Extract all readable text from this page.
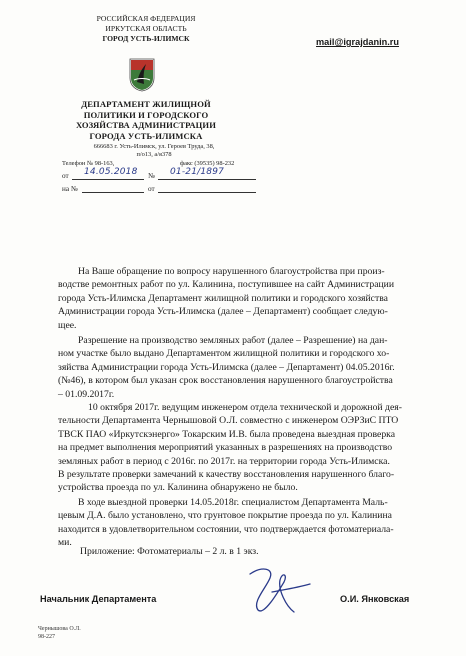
РОССИЙСКАЯ ФЕДЕРАЦИЯ
ИРКУТСКАЯ ОБЛАСТЬ
ГОРОД УСТЬ-ИЛИМСК
ДЕПАРТАМЕНТ ЖИЛИЩНОЙ
ПОЛИТИКИ И ГОРОДСКОГО
ХОЗЯЙСТВА АДМИНИСТРАЦИИ
ГОРОДА УСТЬ-ИЛИМСКА
666683 г. Усть-Илимск, ул. Героев Труда, 38,
п/о13, а/я378
Телефон № 98-163,	факс (39535) 98-232
от 14.05.2018 № 01-21/1897
на №	от
mail@igrajdanin.ru
На Ваше обращение по вопросу нарушенного благоустройства при произ-
водстве ремонтных работ по ул. Калинина, поступившее на сайт Администрации
города Усть-Илимска Департамент жилищной политики и городского хозяйства
Администрации города Усть-Илимска (далее – Департамент) сообщает следую-
щее.
Разрешение на производство земляных работ (далее – Разрешение) на дан-
ном участке было выдано Департаментом жилищной политики и городского хо-
зяйства Администрации города Усть-Илимска (далее – Департамент) 04.05.2016г.
(№46), в котором был указан срок восстановления нарушенного благоустройства
– 01.09.2017г.
10 октября 2017г. ведущим инженером отдела технической и дорожной дея-
тельности Департамента Чернышовой О.Л. совместно с инженером ОЭРЗиС ПТО
ТВСК ПАО «Иркутскэнерго» Токарским И.В. была проведена выездная проверка
на предмет выполнения мероприятий указанных в разрешениях на производство
земляных работ в период с 2016г. по 2017г. на территории города Усть-Илимска.
В результате проверки замечаний к качеству восстановления нарушенного благо-
устройства проезда по ул. Калинина обнаружено не было.
В ходе выездной проверки 14.05.2018г. специалистом Департамента Маль-
цевым Д.А. было установлено, что грунтовое покрытие проезда по ул. Калинина
находится в удовлетворительном состоянии, что подтверждается фотоматериала-
ми.
Приложение: Фотоматериалы – 2 л. в 1 экз.
Начальник Департамента	О.И. Янковская
Чернышова О.Л.
98-227
